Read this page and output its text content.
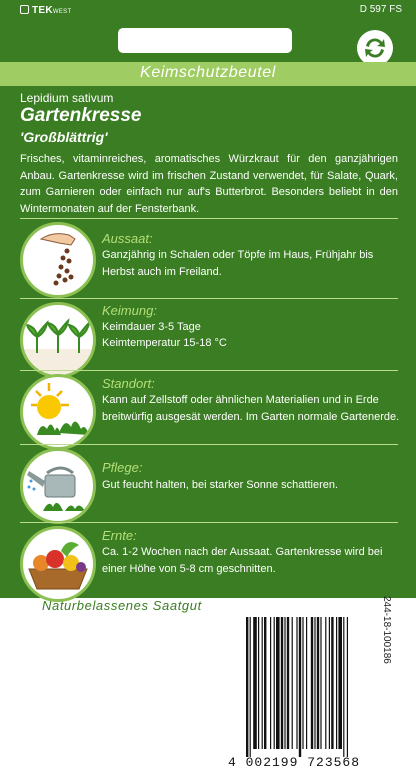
TEKWEST	D 597 FS
Keimschutzbeutel
Lepidium sativum
Gartenkresse
'Großblättrig'
Frisches, vitaminreiches, aromatisches Würzkraut für den ganzjährigen Anbau. Gartenkresse wird im frischen Zustand verwendet, für Salate, Quark, zum Garnieren oder einfach nur auf's Butterbrot. Besonders beliebt in den Wintermonaten auf der Fensterbank.
Aussaat:
Ganzjährig in Schalen oder Töpfe im Haus, Frühjahr bis Herbst auch im Freiland.
Keimung:
Keimdauer 3-5 Tage
Keimtemperatur 15-18 °C
Standort:
Kann auf Zellstoff oder ähnlichen Materialien und in Erde breitwürfig ausgesät werden. Im Garten normale Gartenerde.
Pflege:
Gut feucht halten, bei starker Sonne schattieren.
Ernte:
Ca. 1-2 Wochen nach der Aussaat. Gartenkresse wird bei einer Höhe von 5-8 cm geschnitten.
Naturbelassenes Saatgut	244-18-100186
4 002199 723568
